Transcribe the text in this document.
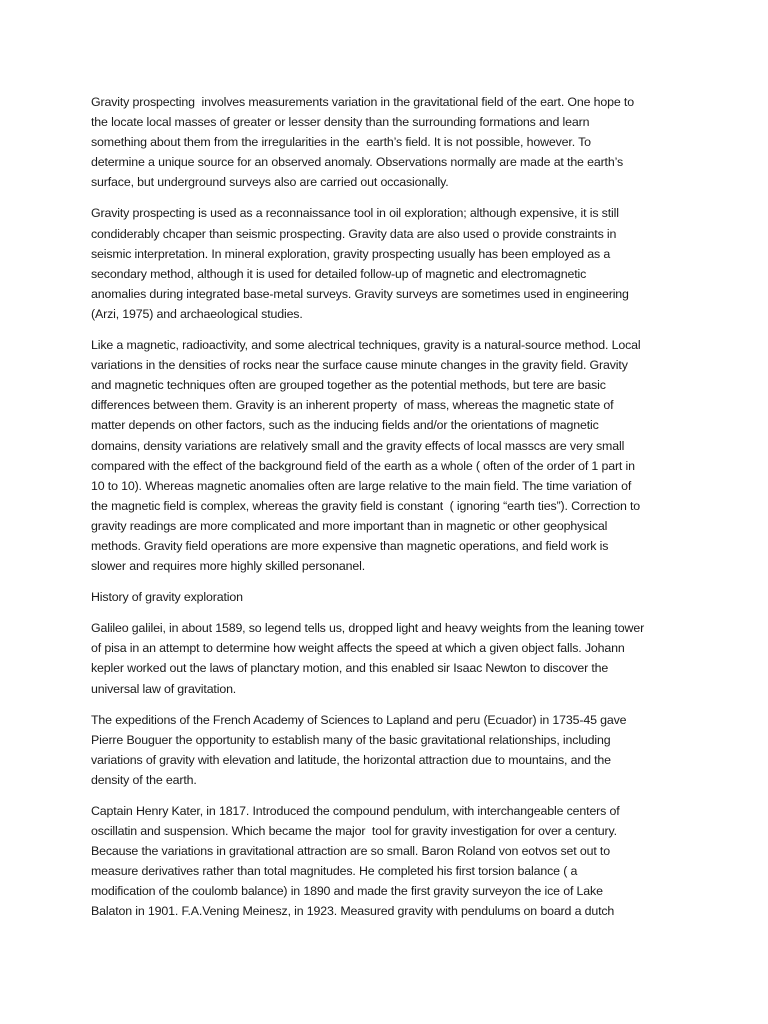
Gravity prospecting  involves measurements variation in the gravitational field of the eart. One hope to
the locate local masses of greater or lesser density than the surrounding formations and learn
something about them from the irregularities in the  earth’s field. It is not possible, however. To
determine a unique source for an observed anomaly. Observations normally are made at the earth’s
surface, but underground surveys also are carried out occasionally.

Gravity prospecting is used as a reconnaissance tool in oil exploration; although expensive, it is still
condiderably chcaper than seismic prospecting. Gravity data are also used o provide constraints in
seismic interpretation. In mineral exploration, gravity prospecting usually has been employed as a
secondary method, although it is used for detailed follow-up of magnetic and electromagnetic
anomalies during integrated base-metal surveys. Gravity surveys are sometimes used in engineering
(Arzi, 1975) and archaeological studies.

Like a magnetic, radioactivity, and some alectrical techniques, gravity is a natural-source method. Local
variations in the densities of rocks near the surface cause minute changes in the gravity field. Gravity
and magnetic techniques often are grouped together as the potential methods, but tere are basic
differences between them. Gravity is an inherent property  of mass, whereas the magnetic state of
matter depends on other factors, such as the inducing fields and/or the orientations of magnetic
domains, density variations are relatively small and the gravity effects of local masscs are very small
compared with the effect of the background field of the earth as a whole ( often of the order of 1 part in
10 to 10). Whereas magnetic anomalies often are large relative to the main field. The time variation of
the magnetic field is complex, whereas the gravity field is constant  ( ignoring “earth ties”). Correction to
gravity readings are more complicated and more important than in magnetic or other geophysical
methods. Gravity field operations are more expensive than magnetic operations, and field work is
slower and requires more highly skilled personanel.

History of gravity exploration

Galileo galilei, in about 1589, so legend tells us, dropped light and heavy weights from the leaning tower
of pisa in an attempt to determine how weight affects the speed at which a given object falls. Johann
kepler worked out the laws of planctary motion, and this enabled sir Isaac Newton to discover the
universal law of gravitation.

The expeditions of the French Academy of Sciences to Lapland and peru (Ecuador) in 1735-45 gave
Pierre Bouguer the opportunity to establish many of the basic gravitational relationships, including
variations of gravity with elevation and latitude, the horizontal attraction due to mountains, and the
density of the earth.

Captain Henry Kater, in 1817. Introduced the compound pendulum, with interchangeable centers of
oscillatin and suspension. Which became the major  tool for gravity investigation for over a century.
Because the variations in gravitational attraction are so small. Baron Roland von eotvos set out to
measure derivatives rather than total magnitudes. He completed his first torsion balance ( a
modification of the coulomb balance) in 1890 and made the first gravity surveyon the ice of Lake
Balaton in 1901. F.A.Vening Meinesz, in 1923. Measured gravity with pendulums on board a dutch
